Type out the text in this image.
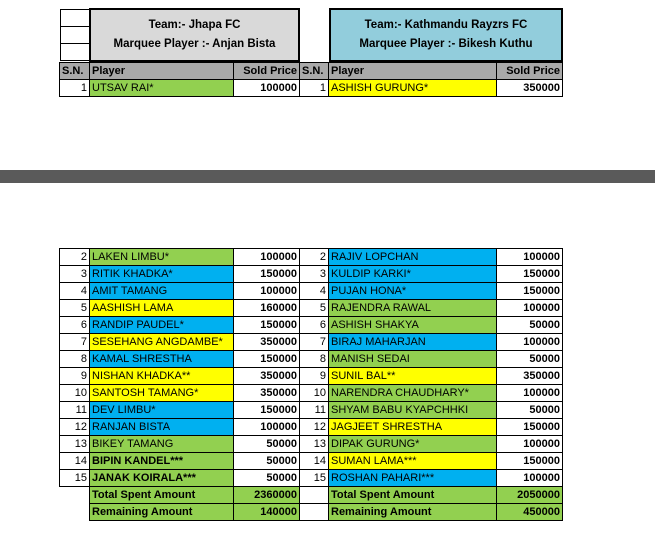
Team:- Jhapa FC
Marquee Player :- Anjan Bista
Team:- Kathmandu Rayzrs FC
Marquee Player :- Bikesh Kuthu
S.N.	Player	Sold Price	S.N.	Player	Sold Price
1	UTSAV RAI*	100000	1	ASHISH GURUNG*	350000
2	LAKEN LIMBU*	100000	2	RAJIV LOPCHAN	100000
3	RITIK KHADKA*	150000	3	KULDIP KARKI*	150000
4	AMIT TAMANG	100000	4	PUJAN HONA*	150000
5	AASHISH LAMA	160000	5	RAJENDRA RAWAL	100000
6	RANDIP PAUDEL*	150000	6	ASHISH SHAKYA	50000
7	SESEHANG ANGDAMBE*	350000	7	BIRAJ MAHARJAN	100000
8	KAMAL SHRESTHA	150000	8	MANISH SEDAI	50000
9	NISHAN KHADKA**	350000	9	SUNIL BAL**	350000
10	SANTOSH TAMANG*	350000	10	NARENDRA CHAUDHARY*	100000
11	DEV LIMBU*	150000	11	SHYAM BABU KYAPCHHKI	50000
12	RANJAN BISTA	100000	12	JAGJEET SHRESTHA	150000
13	BIKEY TAMANG	50000	13	DIPAK GURUNG*	100000
14	BIPIN KANDEL***	50000	14	SUMAN LAMA***	150000
15	JANAK KOIRALA***	50000	15	ROSHAN PAHARI***	100000
	Total Spent Amount	2360000		Total Spent Amount	2050000
	Remaining Amount	140000		Remaining Amount	450000
